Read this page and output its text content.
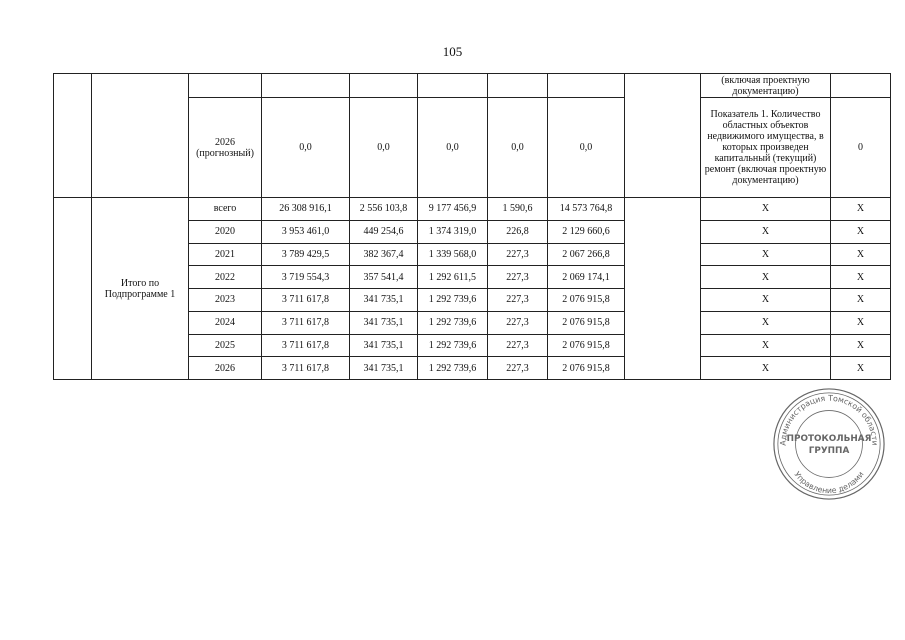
105
									(включая проектную документацию)	
		2026 (прогнозный)	0,0	0,0	0,0	0,0	0,0		Показатель 1. Количество областных объектов недвижимого имущества, в которых произведен капитальный (текущий) ремонт (включая проектную документацию)	0
	Итого по Подпрограмме 1	всего	26 308 916,1	2 556 103,8	9 177 456,9	1 590,6	14 573 764,8		X	X
		2020	3 953 461,0	449 254,6	1 374 319,0	226,8	2 129 660,6		X	X
		2021	3 789 429,5	382 367,4	1 339 568,0	227,3	2 067 266,8		X	X
		2022	3 719 554,3	357 541,4	1 292 611,5	227,3	2 069 174,1		X	X
		2023	3 711 617,8	341 735,1	1 292 739,6	227,3	2 076 915,8		X	X
		2024	3 711 617,8	341 735,1	1 292 739,6	227,3	2 076 915,8		X	X
		2025	3 711 617,8	341 735,1	1 292 739,6	227,3	2 076 915,8		X	X
		2026	3 711 617,8	341 735,1	1 292 739,6	227,3	2 076 915,8		X	X
Администрация Томской области
Управление делами
ПРОТОКОЛЬНАЯ
ГРУППА
